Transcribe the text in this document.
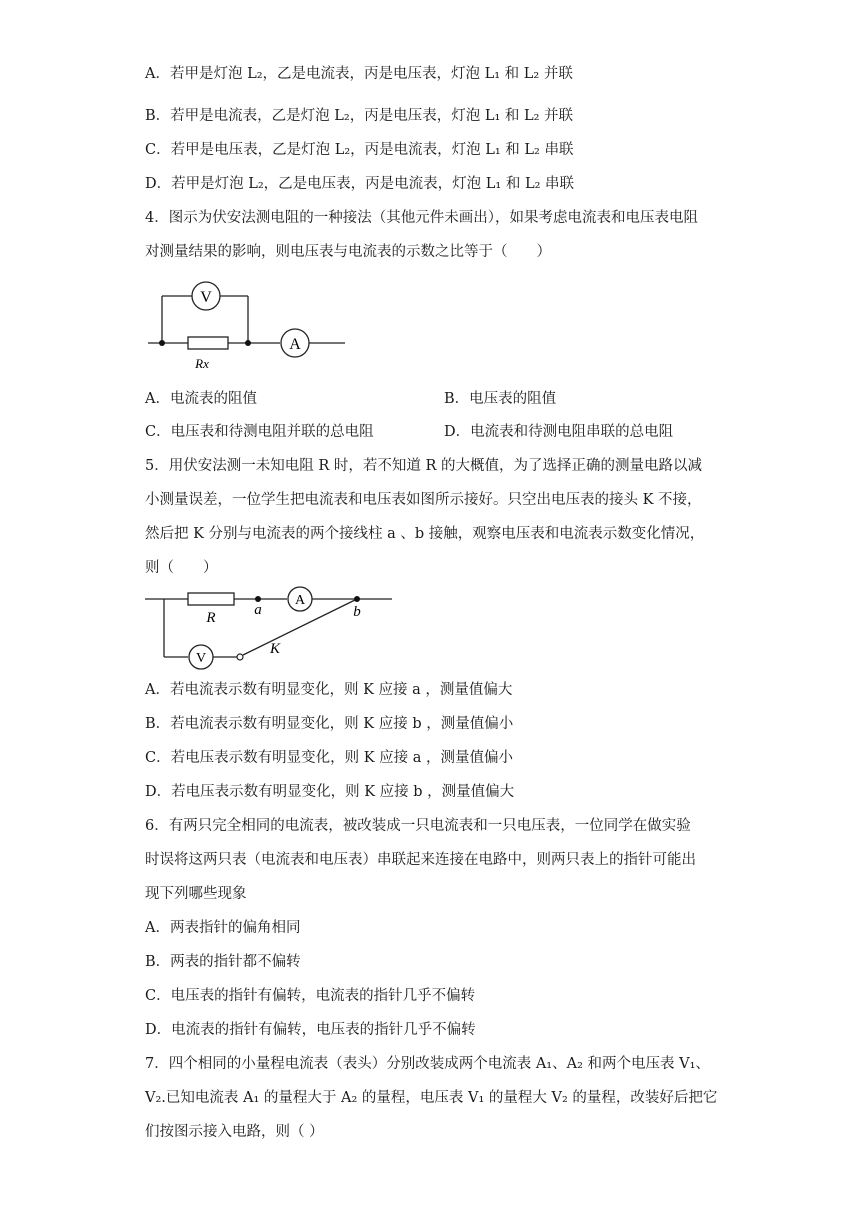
A．若甲是灯泡 L₂，乙是电流表，丙是电压表，灯泡 L₁ 和 L₂ 并联
B．若甲是电流表，乙是灯泡 L₂，丙是电压表，灯泡 L₁ 和 L₂ 并联
C．若甲是电压表，乙是灯泡 L₂，丙是电流表，灯泡 L₁ 和 L₂ 串联
D．若甲是灯泡 L₂，乙是电压表，丙是电流表，灯泡 L₁ 和 L₂ 串联
4．图示为伏安法测电阻的一种接法（其他元件未画出），如果考虑电流表和电压表电阻
对测量结果的影响，则电压表与电流表的示数之比等于（　　）
V
A
Rx
A．电流表的阻值	B．电压表的阻值
C．电压表和待测电阻并联的总电阻	D．电流表和待测电阻串联的总电阻
5．用伏安法测一未知电阻 R 时，若不知道 R 的大概值，为了选择正确的测量电路以减
小测量误差，一位学生把电流表和电压表如图所示接好。只空出电压表的接头 K 不接，
然后把 K 分别与电流表的两个接线柱 a 、b 接触，观察电压表和电流表示数变化情况，
则（　　）
R	a
A
b
V
K
A．若电流表示数有明显变化，则 K 应接 a ，测量值偏大
B．若电流表示数有明显变化，则 K 应接 b ，测量值偏小
C．若电压表示数有明显变化，则 K 应接 a ，测量值偏小
D．若电压表示数有明显变化，则 K 应接 b ，测量值偏大
6．有两只完全相同的电流表，被改装成一只电流表和一只电压表，一位同学在做实验
时误将这两只表（电流表和电压表）串联起来连接在电路中，则两只表上的指针可能出
现下列哪些现象
A．两表指针的偏角相同
B．两表的指针都不偏转
C．电压表的指针有偏转，电流表的指针几乎不偏转
D．电流表的指针有偏转，电压表的指针几乎不偏转
7．四个相同的小量程电流表（表头）分别改装成两个电流表 A₁、A₂ 和两个电压表 V₁、
V₂.已知电流表 A₁ 的量程大于 A₂ 的量程，电压表 V₁ 的量程大 V₂ 的量程，改装好后把它
们按图示接入电路，则（ ）
